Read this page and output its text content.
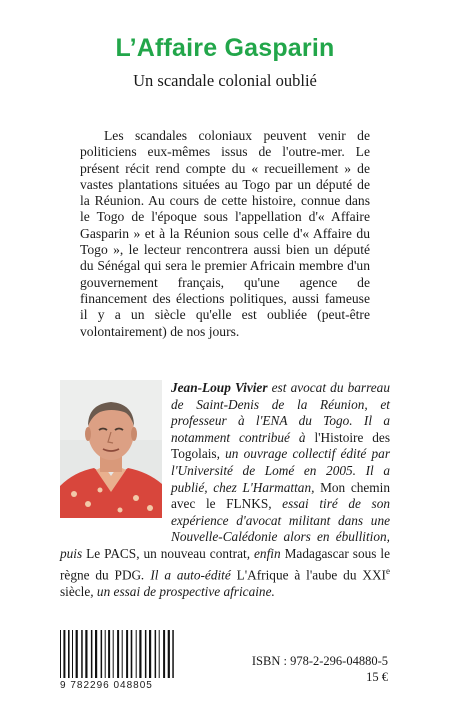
L’Affaire Gasparin
Un scandale colonial oublié

Les scandales coloniaux peuvent venir de politiciens eux-mêmes issus de l'outre-mer. Le présent récit rend compte du « recueillement » de vastes plantations situées au Togo par un député de la Réunion. Au cours de cette histoire, connue dans le Togo de l'époque sous l'appellation d'« Affaire Gasparin » et à la Réunion sous celle d'« Affaire du Togo », le lecteur rencontrera aussi bien un député du Sénégal qui sera le premier Africain membre d'un gouvernement français, qu'une agence de financement des élections politiques, aussi fameuse il y a un siècle qu'elle est oubliée (peut-être volontairement) de nos jours.

Jean-Loup Vivier est avocat du barreau de Saint-Denis de la Réunion, et professeur à l'ENA du Togo. Il a notamment contribué à l'Histoire des Togolais, un ouvrage collectif édité par l'Université de Lomé en 2005. Il a publié, chez L'Harmattan, Mon chemin avec le FLNKS, essai tiré de son expérience d'avocat militant dans une Nouvelle-Calédonie alors en ébullition, puis Le PACS, un nouveau contrat, enfin Madagascar sous le règne du PDG. Il a auto-édité L'Afrique à l'aube du XXIe siècle, un essai de prospective africaine.

9 782296 048805
ISBN : 978-2-296-04880-5
15 €
